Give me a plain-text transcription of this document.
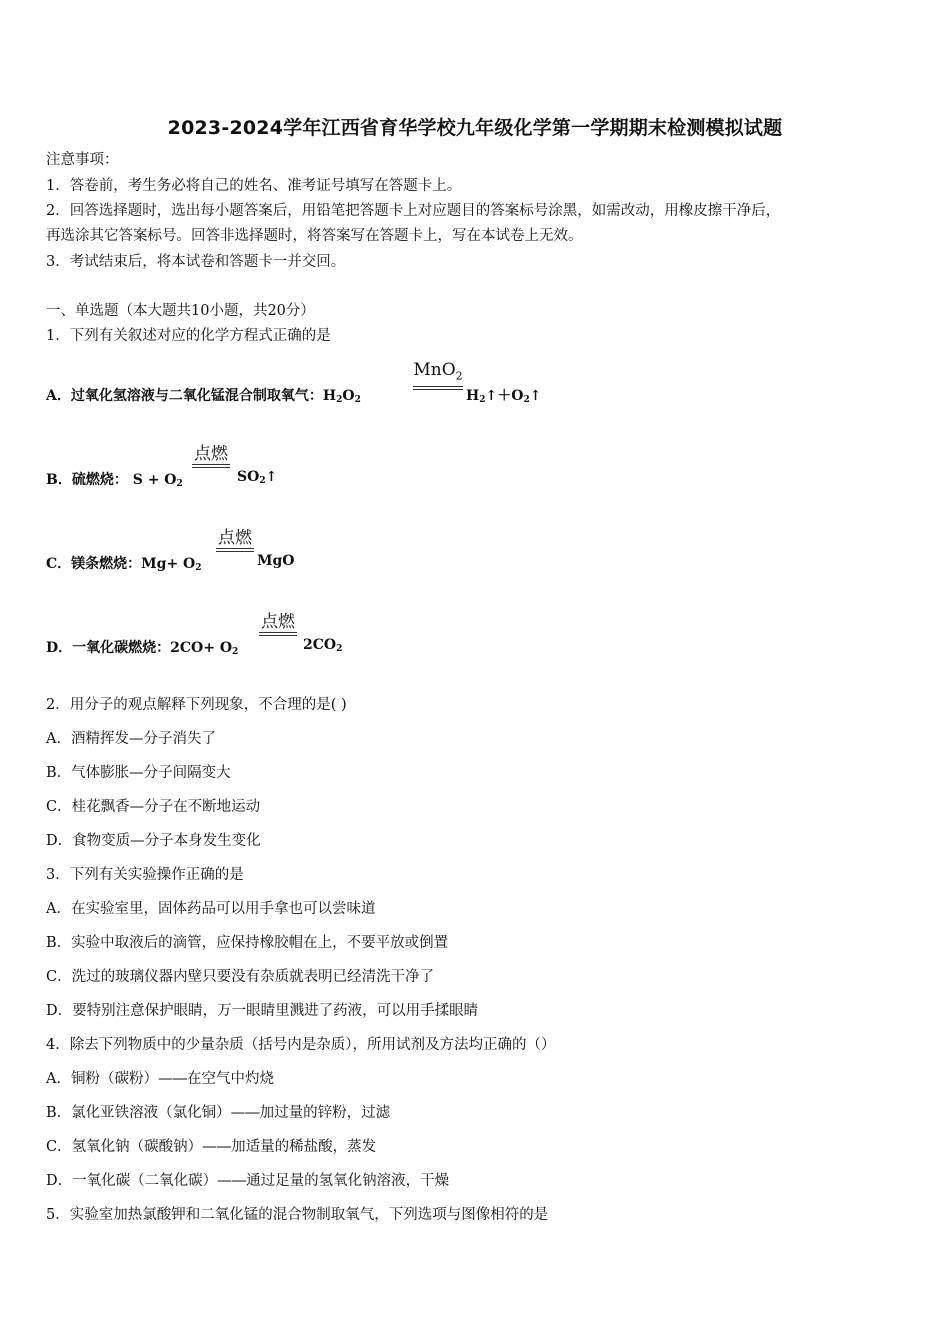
2023-2024学年江西省育华学校九年级化学第一学期期末检测模拟试题
注意事项：
1．答卷前，考生务必将自己的姓名、准考证号填写在答题卡上。
2．回答选择题时，选出每小题答案后，用铅笔把答题卡上对应题目的答案标号涂黑，如需改动，用橡皮擦干净后，
再选涂其它答案标号。回答非选择题时，将答案写在答题卡上，写在本试卷上无效。
3．考试结束后，将本试卷和答题卡一并交回。
一、单选题（本大题共10小题，共20分）
1．下列有关叙述对应的化学方程式正确的是
A．过氧化氢溶液与二氧化锰混合制取氧气：$H_2O_2$
MnO$_2$
$H_2↑+O_2↑$
B．硫燃烧： $S + O_2$
点燃
$SO_2↑$
C．镁条燃烧：$Mg+ O_2$
点燃
MgO
D．一氧化碳燃烧：$2CO+ O_2$
点燃
$2CO_2$
2．用分子的观点解释下列现象，不合理的是( )
A．酒精挥发—分子消失了
B．气体膨胀—分子间隔变大
C．桂花飘香—分子在不断地运动
D．食物变质—分子本身发生变化
3．下列有关实验操作正确的是
A．在实验室里，固体药品可以用手拿也可以尝味道
B．实验中取液后的滴管，应保持橡胶帽在上，不要平放或倒置
C．洗过的玻璃仪器内壁只要没有杂质就表明已经清洗干净了
D．要特别注意保护眼睛，万一眼睛里溅进了药液，可以用手揉眼睛
4．除去下列物质中的少量杂质（括号内是杂质），所用试剂及方法均正确的（）
A．铜粉（碳粉）—―在空气中灼烧
B．氯化亚铁溶液（氯化铜）—―加过量的锌粉，过滤
C．氢氧化钠（碳酸钠）—―加适量的稀盐酸，蒸发
D．一氧化碳（二氧化碳）—―通过足量的氢氧化钠溶液，干燥
5．实验室加热氯酸钾和二氧化锰的混合物制取氧气，下列选项与图像相符的是
